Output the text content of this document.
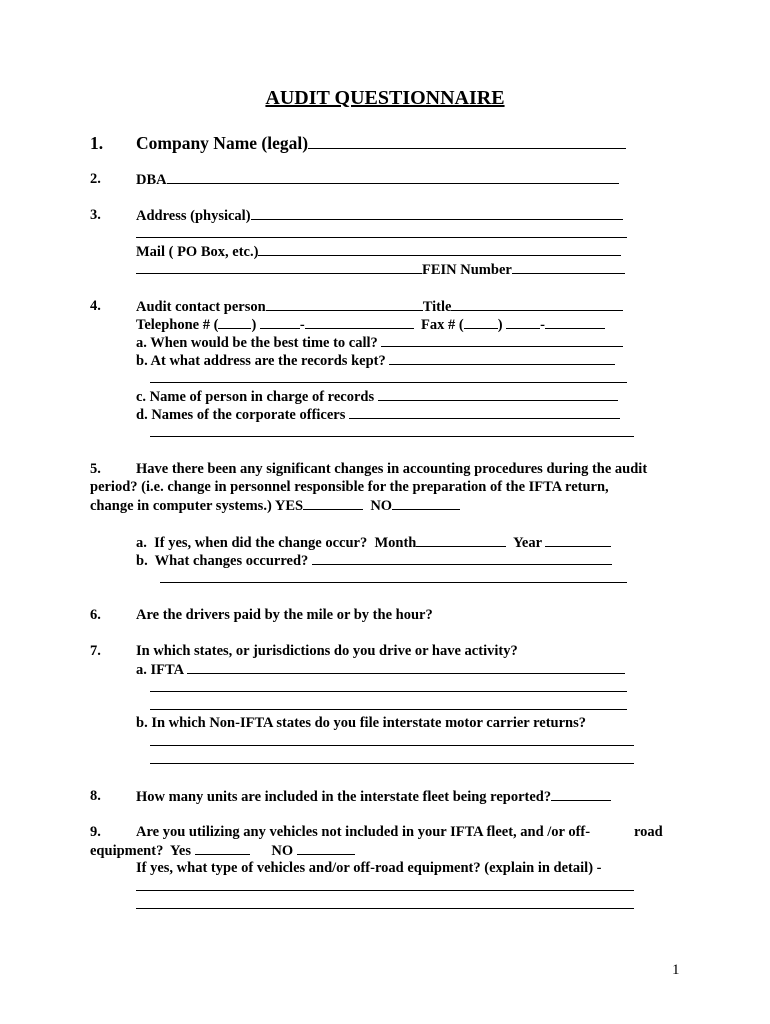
AUDIT QUESTIONNAIRE
1. Company Name (legal)
2. DBA
3. Address (physical)
Mail ( PO Box, etc.)
FEIN Number
4. Audit contact person	Title
Telephone # ( )	-	Fax # ( )	-
a. When would be the best time to call?
b. At what address are the records kept?
c. Name of person in charge of records
d. Names of the corporate officers
5. Have there been any significant changes in accounting procedures during the audit
period? (i.e. change in personnel responsible for the preparation of the IFTA return,
change in computer systems.) YES	NO
a.  If yes, when did the change occur?  Month	Year
b.  What changes occurred?
6. Are the drivers paid by the mile or by the hour?
7. In which states, or jurisdictions do you drive or have activity?
a. IFTA
b. In which Non-IFTA states do you file interstate motor carrier returns?
8. How many units are included in the interstate fleet being reported?
9. Are you utilizing any vehicles not included in your IFTA fleet, and /or off-	road
equipment?  Yes	NO
If yes, what type of vehicles and/or off-road equipment? (explain in detail) -
1
